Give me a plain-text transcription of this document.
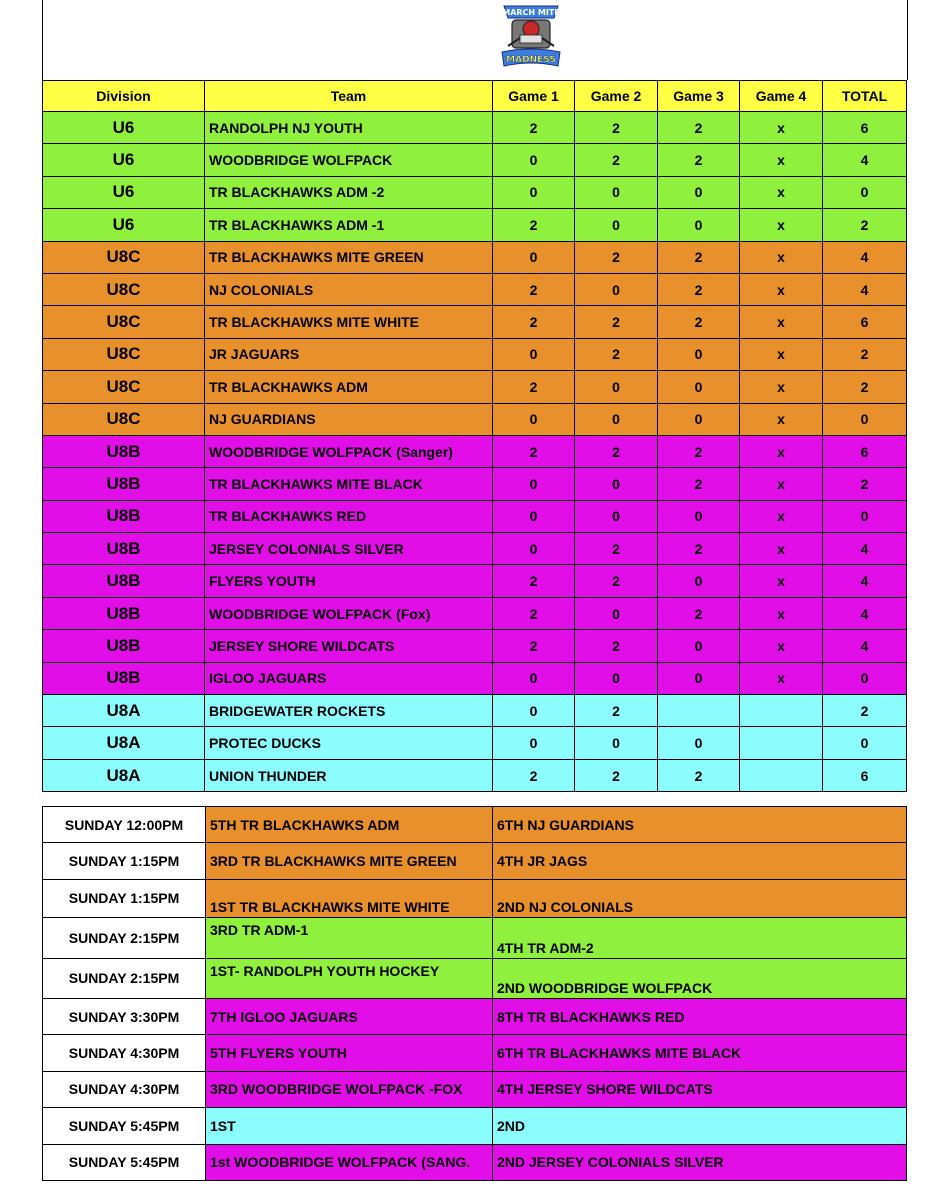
MARCH MITE
MADNESS
Division	Team	Game 1	Game 2	Game 3	Game 4	TOTAL
U6	RANDOLPH NJ YOUTH	2	2	2	x	6
U6	WOODBRIDGE WOLFPACK	0	2	2	x	4
U6	TR BLACKHAWKS ADM -2	0	0	0	x	0
U6	TR BLACKHAWKS ADM -1	2	0	0	x	2
U8C	TR BLACKHAWKS MITE GREEN	0	2	2	x	4
U8C	NJ COLONIALS	2	0	2	x	4
U8C	TR BLACKHAWKS MITE WHITE	2	2	2	x	6
U8C	JR JAGUARS	0	2	0	x	2
U8C	TR BLACKHAWKS ADM	2	0	0	x	2
U8C	NJ GUARDIANS	0	0	0	x	0
U8B	WOODBRIDGE WOLFPACK (Sanger)	2	2	2	x	6
U8B	TR BLACKHAWKS MITE BLACK	0	0	2	x	2
U8B	TR BLACKHAWKS RED	0	0	0	x	0
U8B	JERSEY COLONIALS SILVER	0	2	2	x	4
U8B	FLYERS YOUTH	2	2	0	x	4
U8B	WOODBRIDGE WOLFPACK (Fox)	2	0	2	x	4
U8B	JERSEY SHORE WILDCATS	2	2	0	x	4
U8B	IGLOO JAGUARS	0	0	0	x	0
U8A	BRIDGEWATER ROCKETS	0	2			2
U8A	PROTEC DUCKS	0	0	0		0
U8A	UNION THUNDER	2	2	2		6
SUNDAY 12:00PM	5TH TR BLACKHAWKS ADM	6TH NJ GUARDIANS
SUNDAY 1:15PM	3RD TR BLACKHAWKS MITE GREEN	4TH JR JAGS
SUNDAY 1:15PM	1ST TR BLACKHAWKS MITE WHITE	2ND NJ COLONIALS
SUNDAY 2:15PM	3RD TR ADM-1	4TH TR ADM-2
SUNDAY 2:15PM	1ST- RANDOLPH YOUTH HOCKEY	2ND WOODBRIDGE WOLFPACK
SUNDAY 3:30PM	7TH IGLOO JAGUARS	8TH TR BLACKHAWKS RED
SUNDAY 4:30PM	5TH FLYERS YOUTH	6TH TR BLACKHAWKS MITE BLACK
SUNDAY 4:30PM	3RD WOODBRIDGE WOLFPACK -FOX	4TH JERSEY SHORE WILDCATS
SUNDAY 5:45PM	1ST	2ND
SUNDAY 5:45PM	1st WOODBRIDGE WOLFPACK (SANG.	2ND JERSEY COLONIALS SILVER
